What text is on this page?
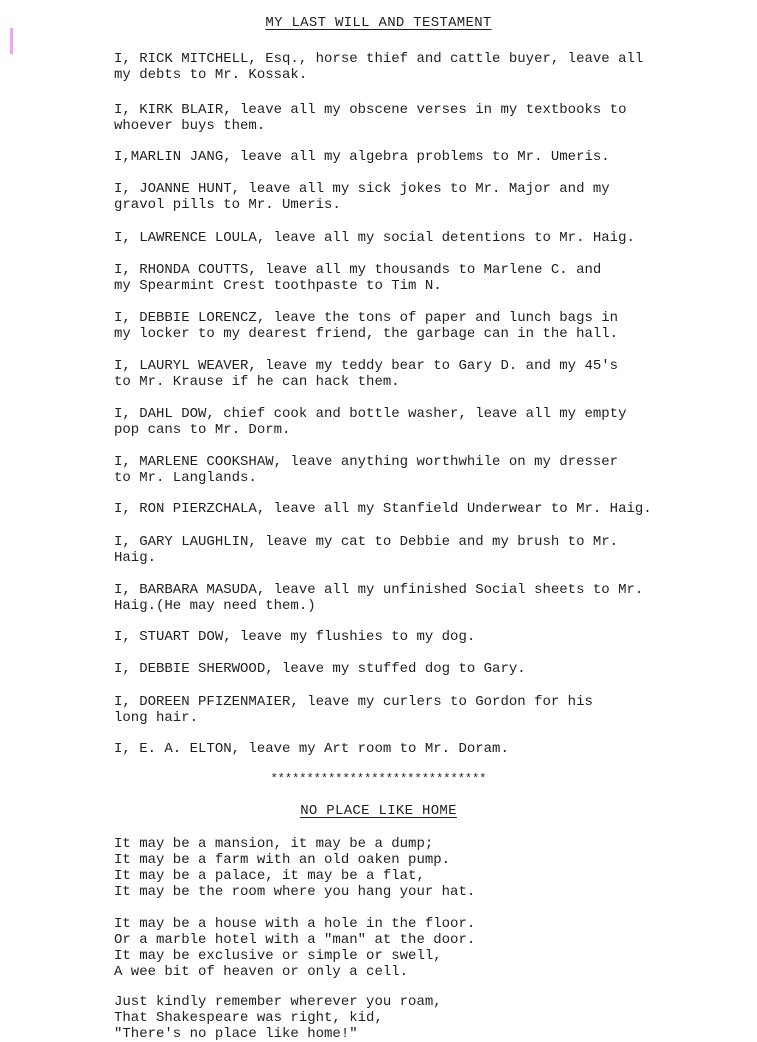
MY LAST WILL AND TESTAMENT
I, RICK MITCHELL, Esq., horse thief and cattle buyer, leave all
my debts to Mr. Kossak.
I, KIRK BLAIR, leave all my obscene verses in my textbooks to
whoever buys them.
I,MARLIN JANG, leave all my algebra problems to Mr. Umeris.
I, JOANNE HUNT, leave all my sick jokes to Mr. Major and my
gravol pills to Mr. Umeris.
I, LAWRENCE LOULA, leave all my social detentions to Mr. Haig.
I, RHONDA COUTTS, leave all my thousands to Marlene C. and
my Spearmint Crest toothpaste to Tim N.
I, DEBBIE LORENCZ, leave the tons of paper and lunch bags in
my locker to my dearest friend, the garbage can in the hall.
I, LAURYL WEAVER, leave my teddy bear to Gary D. and my 45's
to Mr. Krause if he can hack them.
I, DAHL DOW, chief cook and bottle washer, leave all my empty
pop cans to Mr. Dorm.
I, MARLENE COOKSHAW, leave anything worthwhile on my dresser
to Mr. Langlands.
I, RON PIERZCHALA, leave all my Stanfield Underwear to Mr. Haig.
I, GARY LAUGHLIN, leave my cat to Debbie and my brush to Mr.
Haig.
I, BARBARA MASUDA, leave all my unfinished Social sheets to Mr.
Haig.(He may need them.)
I, STUART DOW, leave my flushies to my dog.
I, DEBBIE SHERWOOD, leave my stuffed dog to Gary.
I, DOREEN PFIZENMAIER, leave my curlers to Gordon for his
long hair.
I, E. A. ELTON, leave my Art room to Mr. Doram.
******************************
NO PLACE LIKE HOME
It may be a mansion, it may be a dump;
It may be a farm with an old oaken pump.
It may be a palace, it may be a flat,
It may be the room where you hang your hat.
It may be a house with a hole in the floor.
Or a marble hotel with a "man" at the door.
It may be exclusive or simple or swell,
A wee bit of heaven or only a cell.
Just kindly remember wherever you roam,
That Shakespeare was right, kid,
"There's no place like home!"
